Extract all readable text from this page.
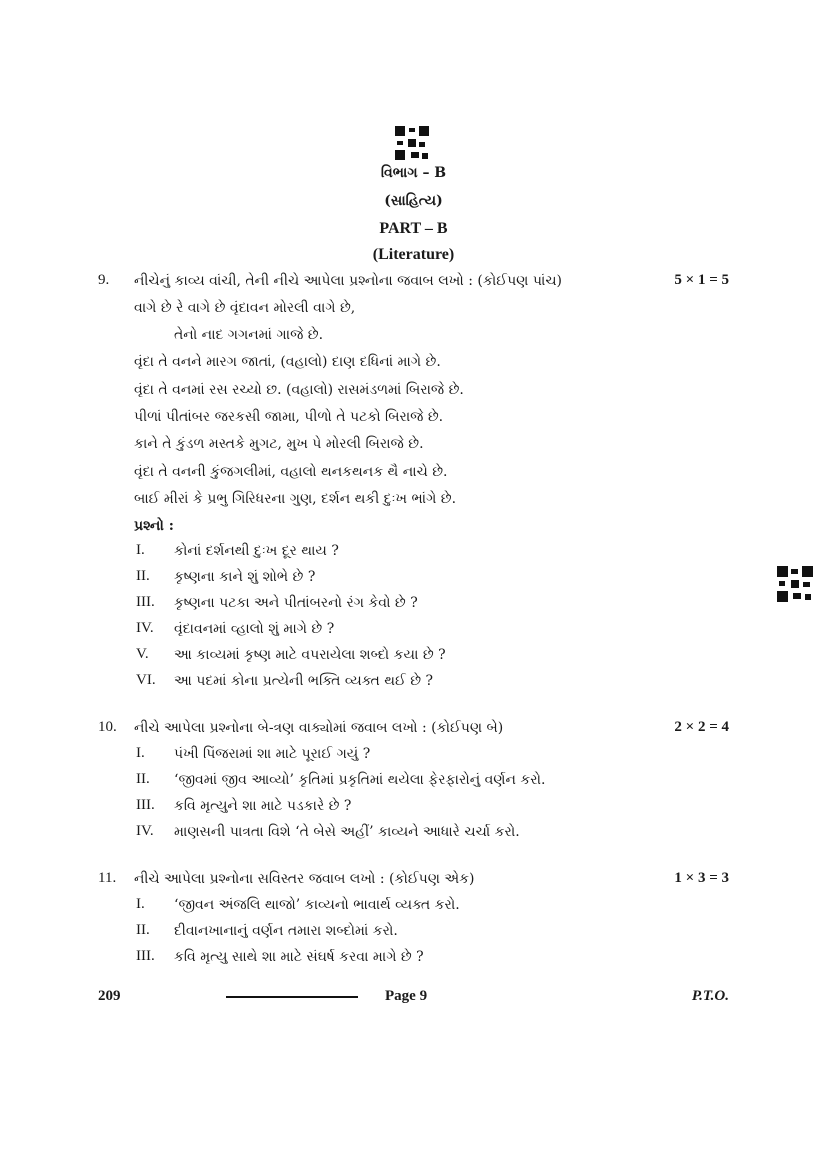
વિભાગ – B
(સાહિત્ય)
PART – B
(Literature)
9. નીચેનું કાવ્ય વાંચી, તેની નીચે આપેલા પ્રશ્નોના જવાબ લખો : (કોઈપણ પાંચ)	5 × 1 = 5
વાગે છે રે વાગે છે વૃંદાવન મોરલી વાગે છે,
તેનો નાદ ગગનમાં ગાજે છે.
વૃંદા તે વનને મારગ જાતાં, (વહાલો) દાણ દધિનાં માગે છે.
વૃંદા તે વનમાં રસ રચ્યો છ. (વહાલો) રાસમંડળમાં બિરાજે છે.
પીળાં પીતાંબર જરકસી જામા, પીળો તે પટકો બિરાજે છે.
કાને તે કુંડળ મસ્તકે મુગટ, મુખ પે મોરલી બિરાજે છે.
વૃંદા તે વનની કુંજગલીમાં, વહાલો થનકથનક થૈ નાચે છે.
બાઈ મીરાં કે પ્રભુ ગિરિધરના ગુણ, દર્શન થકી દુઃખ ભાંગે છે.
પ્રશ્નો :
I. કોનાં દર્શનથી દુઃખ દૂર થાય ?
II. કૃષ્ણના કાને શું શોભે છે ?
III. કૃષ્ણના પટકા અને પીતાંબરનો રંગ કેવો છે ?
IV. વૃંદાવનમાં વ્હાલો શું માગે છે ?
V. આ કાવ્યમાં કૃષ્ણ માટે વપરાયેલા શબ્દો કયા છે ?
VI. આ પદમાં કોના પ્રત્યેની ભક્તિ વ્યક્ત થઈ છે ?
10. નીચે આપેલા પ્રશ્નોના બે-ત્રણ વાક્યોમાં જવાબ લખો : (કોઈપણ બે)	2 × 2 = 4
I. પંખી પિંજરામાં શા માટે પૂરાઈ ગયું ?
II. ‘જીવમાં જીવ આવ્યો’ કૃતિમાં પ્રકૃતિમાં થયેલા ફેરફારોનું વર્ણન કરો.
III. કવિ મૃત્યુને શા માટે પડકારે છે ?
IV. માણસની પાત્રતા વિશે ‘તે બેસે અહીં’ કાવ્યને આધારે ચર્ચા કરો.
11. નીચે આપેલા પ્રશ્નોના સવિસ્તર જવાબ લખો : (કોઈપણ એક)	1 × 3 = 3
I. ‘જીવન અંજલિ થાજો’ કાવ્યનો ભાવાર્થ વ્યક્ત કરો.
II. દીવાનખાનાનું વર્ણન તમારા શબ્દોમાં કરો.
III. કવિ મૃત્યુ સાથે શા માટે સંઘર્ષ કરવા માગે છે ?
209	Page 9	P.T.O.
